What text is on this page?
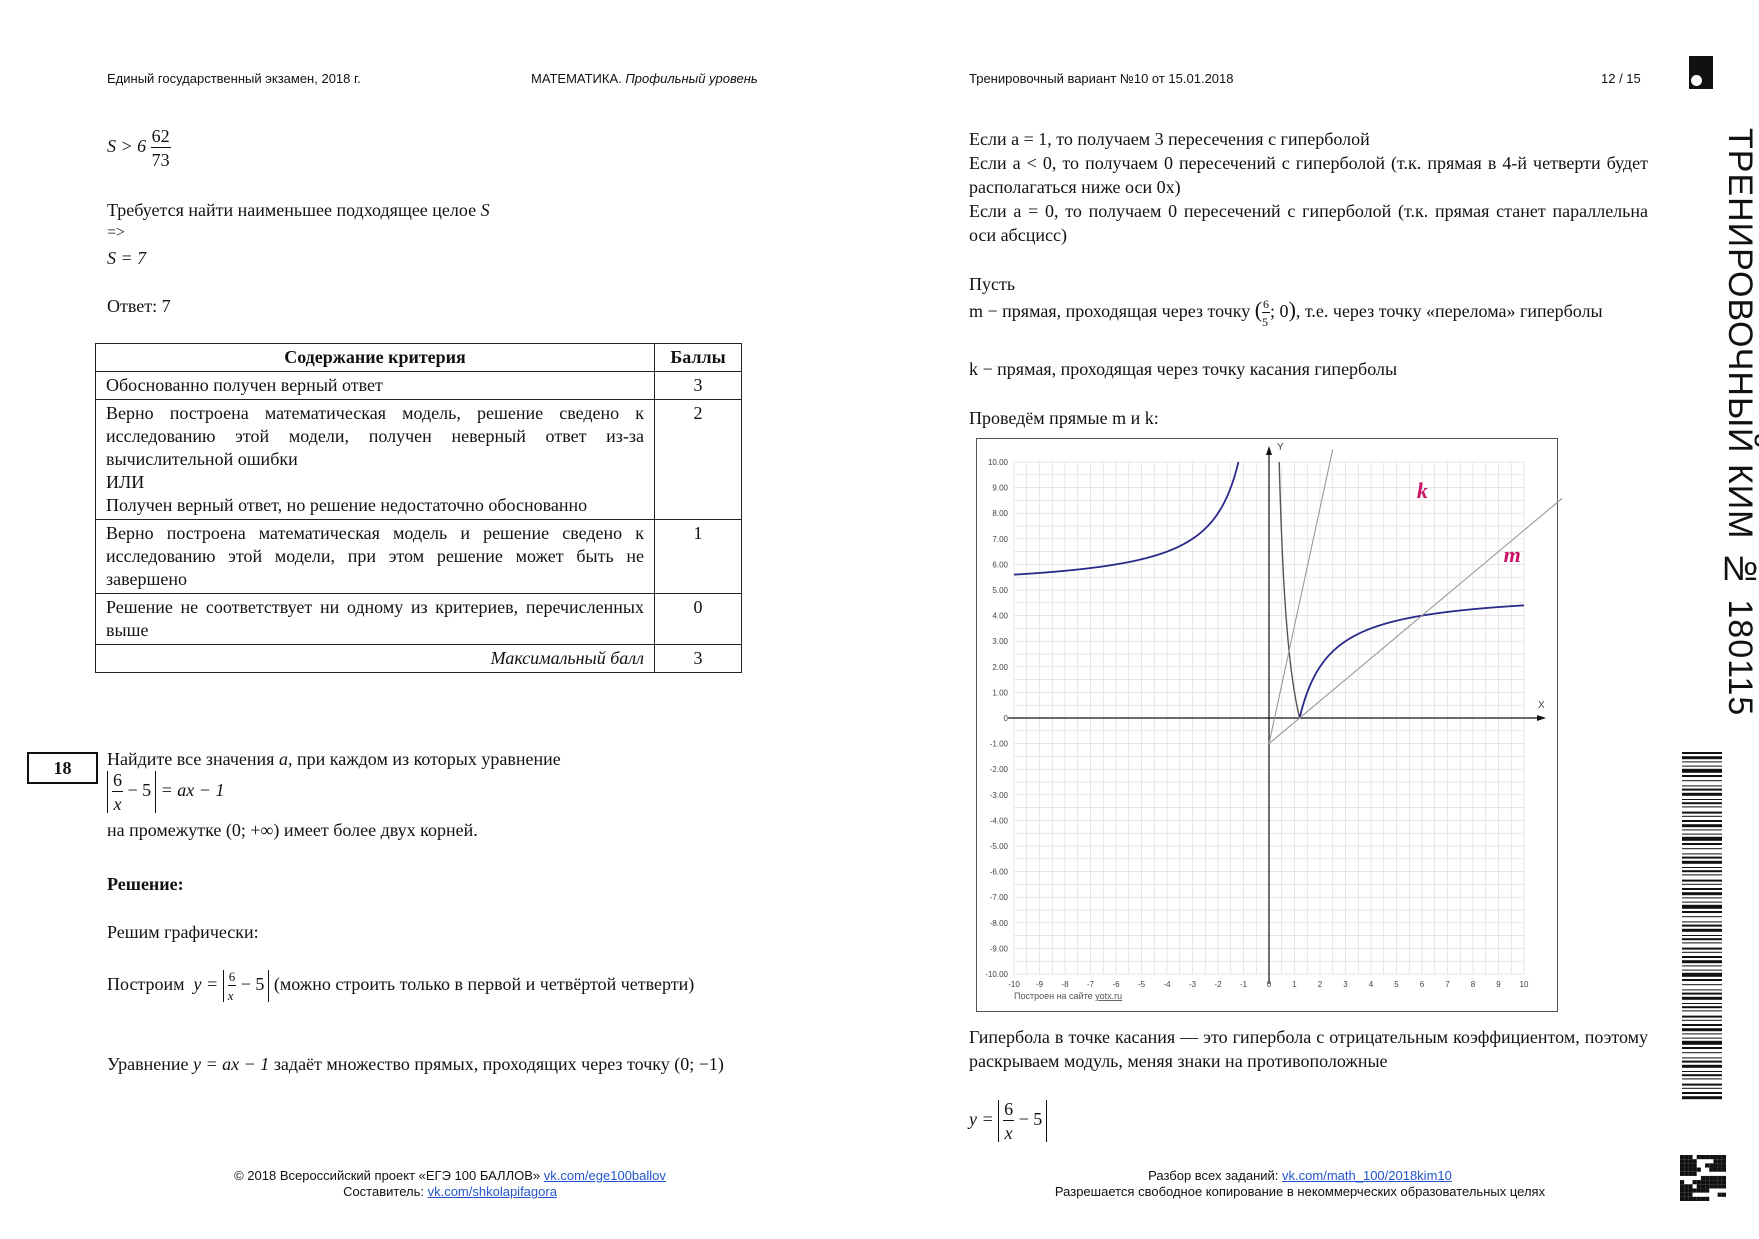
Единый государственный экзамен, 2018 г.	МАТЕМАТИКА. Профильный уровень	Тренировочный вариант №10 от 15.01.2018	12 / 15
$S > 6 \frac{62}{73}$
Требуется найти наименьшее подходящее целое S
=>
S = 7
Ответ: 7
Содержание критерия	Баллы
Обоснованно получен верный ответ	3

Верно построена математическая модель, решение сведено к исследованию этой модели, получен неверный ответ из-за вычислительной ошибки
ИЛИ
Получен верный ответ, но решение недостаточно обоснованно	2
Верно построена математическая модель и решение сведено к исследованию этой модели, при этом решение может быть не завершено	1
Решение не соответствует ни одному из критериев, перечисленных выше	0
Максимальный балл	3
18	Найдите все значения a, при каждом из которых уравнение
$\frac{6}{x} - 5$ = ax − 1
на промежутке (0; +∞) имеет более двух корней.
Решение:
Решим графически:
Построим $y = \frac{6}{x} - 5$ (можно строить только в первой и четвёртой четверти)
Уравнение y = ax − 1 задаёт множество прямых, проходящих через точку (0; −1)
Если a = 1, то получаем 3 пересечения с гиперболой
Если a < 0, то получаем 0 пересечений с гиперболой (т.к. прямая в 4-й четверти будет располагаться ниже оси 0x)
Если a = 0, то получаем 0 пересечений с гиперболой (т.к. прямая станет параллельна оси абсцисс)
Пусть
m − прямая, проходящая через точку ( $\frac{6}{5}$ ; 0), т.е. через точку «перелома» гиперболы
k − прямая, проходящая через точку касания гиперболы
Проведём прямые m и k:
-10 -9 -8 -7 -6 -5 -4 -3 -2 -1 0	1	2	3	4	5	6	7	8	9 10
10.00
9.00
8.00
7.00
6.00
5.00
4.00
3.00
2.00
1.00
0
-1.00
-2.00
-3.00
-4.00
-5.00
-6.00
-7.00
-8.00
-9.00
-10.00
X
Y
Построен на сайте yotx.ru
k
m
Гипербола в точке касания — это гипербола с отрицательным коэффициентом, поэтому раскрываем модуль, меняя знаки на противоположные
$y = \frac{6}{x} - 5$
© 2018 Всероссийский проект «ЕГЭ 100 БАЛЛОВ» vk.com/ege100ballov
Составитель: vk.com/shkolapifagora
Разбор всех заданий: vk.com/math_100/2018kim10
Разрешается свободное копирование в некоммерческих образовательных целях
ТРЕНИРОВОЧНЫЙ КИМ № 180115
